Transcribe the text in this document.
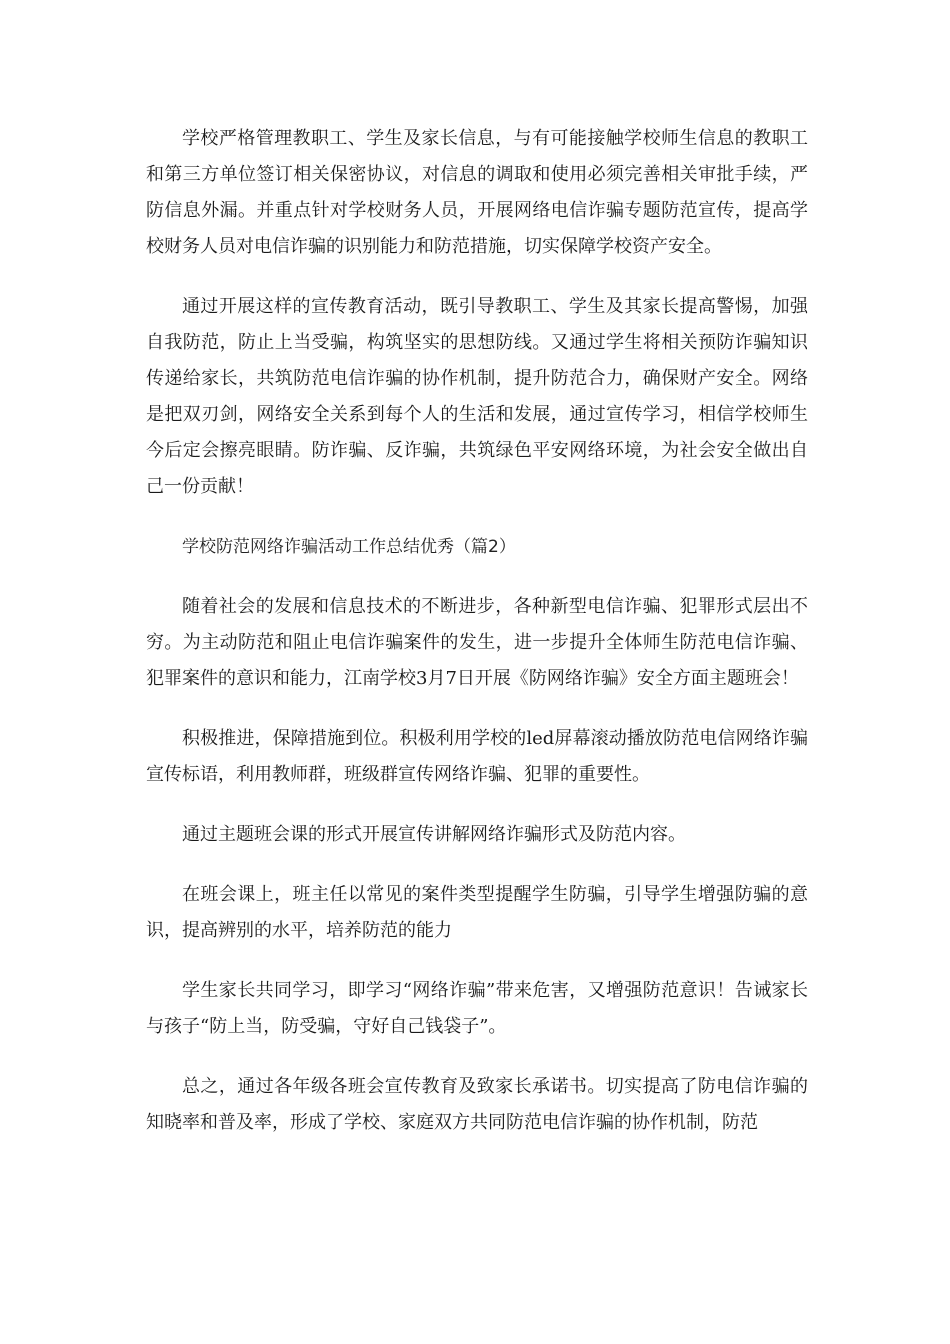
学校严格管理教职工、学生及家长信息，与有可能接触学校师生信息的教职工和第三方单位签订相关保密协议，对信息的调取和使用必须完善相关审批手续，严防信息外漏。并重点针对学校财务人员，开展网络电信诈骗专题防范宣传，提高学校财务人员对电信诈骗的识别能力和防范措施，切实保障学校资产安全。

通过开展这样的宣传教育活动，既引导教职工、学生及其家长提高警惕，加强自我防范，防止上当受骗，构筑坚实的思想防线。又通过学生将相关预防诈骗知识传递给家长，共筑防范电信诈骗的协作机制，提升防范合力，确保财产安全。网络是把双刃剑，网络安全关系到每个人的生活和发展，通过宣传学习，相信学校师生今后定会擦亮眼睛。防诈骗、反诈骗，共筑绿色平安网络环境，为社会安全做出自己一份贡献！

学校防范网络诈骗活动工作总结优秀（篇2）

随着社会的发展和信息技术的不断进步，各种新型电信诈骗、犯罪形式层出不穷。为主动防范和阻止电信诈骗案件的发生，进一步提升全体师生防范电信诈骗、犯罪案件的意识和能力，江南学校3月7日开展《防网络诈骗》安全方面主题班会！

积极推进，保障措施到位。积极利用学校的led屏幕滚动播放防范电信网络诈骗宣传标语，利用教师群，班级群宣传网络诈骗、犯罪的重要性。

通过主题班会课的形式开展宣传讲解网络诈骗形式及防范内容。

在班会课上，班主任以常见的案件类型提醒学生防骗，引导学生增强防骗的意识，提高辨别的水平，培养防范的能力

学生家长共同学习，即学习“网络诈骗”带来危害，又增强防范意识！告诫家长与孩子“防上当，防受骗，守好自己钱袋子”。

总之，通过各年级各班会宣传教育及致家长承诺书。切实提高了防电信诈骗的知晓率和普及率，形成了学校、家庭双方共同防范电信诈骗的协作机制，防范
